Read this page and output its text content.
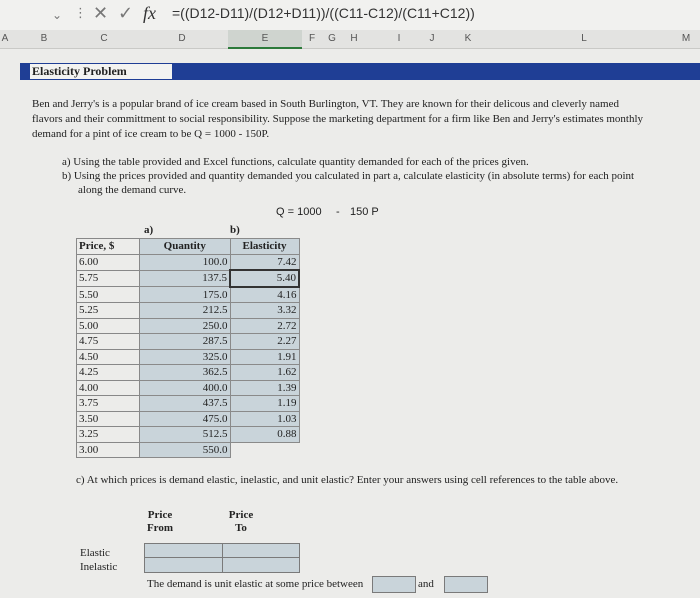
⌄ ⋮ ✕ ✓ fx =((D12-D11)/(D12+D11))/((C11-C12)/(C11+C12))
A	B	C	D	E	F	G	H	I	J	K	L	M
Elasticity Problem
Ben and Jerry's is a popular brand of ice cream based in South Burlington, VT. They are known for their delicous and cleverly named
flavors and their committment to social responsibility. Suppose the marketing department for a firm like Ben and Jerry's estimates monthly
demand for a pint of ice cream to be Q = 1000 - 150P.
a) Using the table provided and Excel functions, calculate quantity demanded for each of the prices given.
b) Using the prices provided and quantity demanded you calculated in part a, calculate elasticity (in absolute terms) for each point
along the demand curve.
Q = 1000 - 150 P
a)	b)
Price, $	Quantity	Elasticity
6.00	100.0	7.42
5.75	137.5	5.40
5.50	175.0	4.16
5.25	212.5	3.32
5.00	250.0	2.72
4.75	287.5	2.27
4.50	325.0	1.91
4.25	362.5	1.62
4.00	400.0	1.39
3.75	437.5	1.19
3.50	475.0	1.03
3.25	512.5	0.88
3.00	550.0	
c) At which prices is demand elastic, inelastic, and unit elastic? Enter your answers using cell references to the table above.
Price
From
Price
To
Elastic
Inelastic
The demand is unit elastic at some price between	and
